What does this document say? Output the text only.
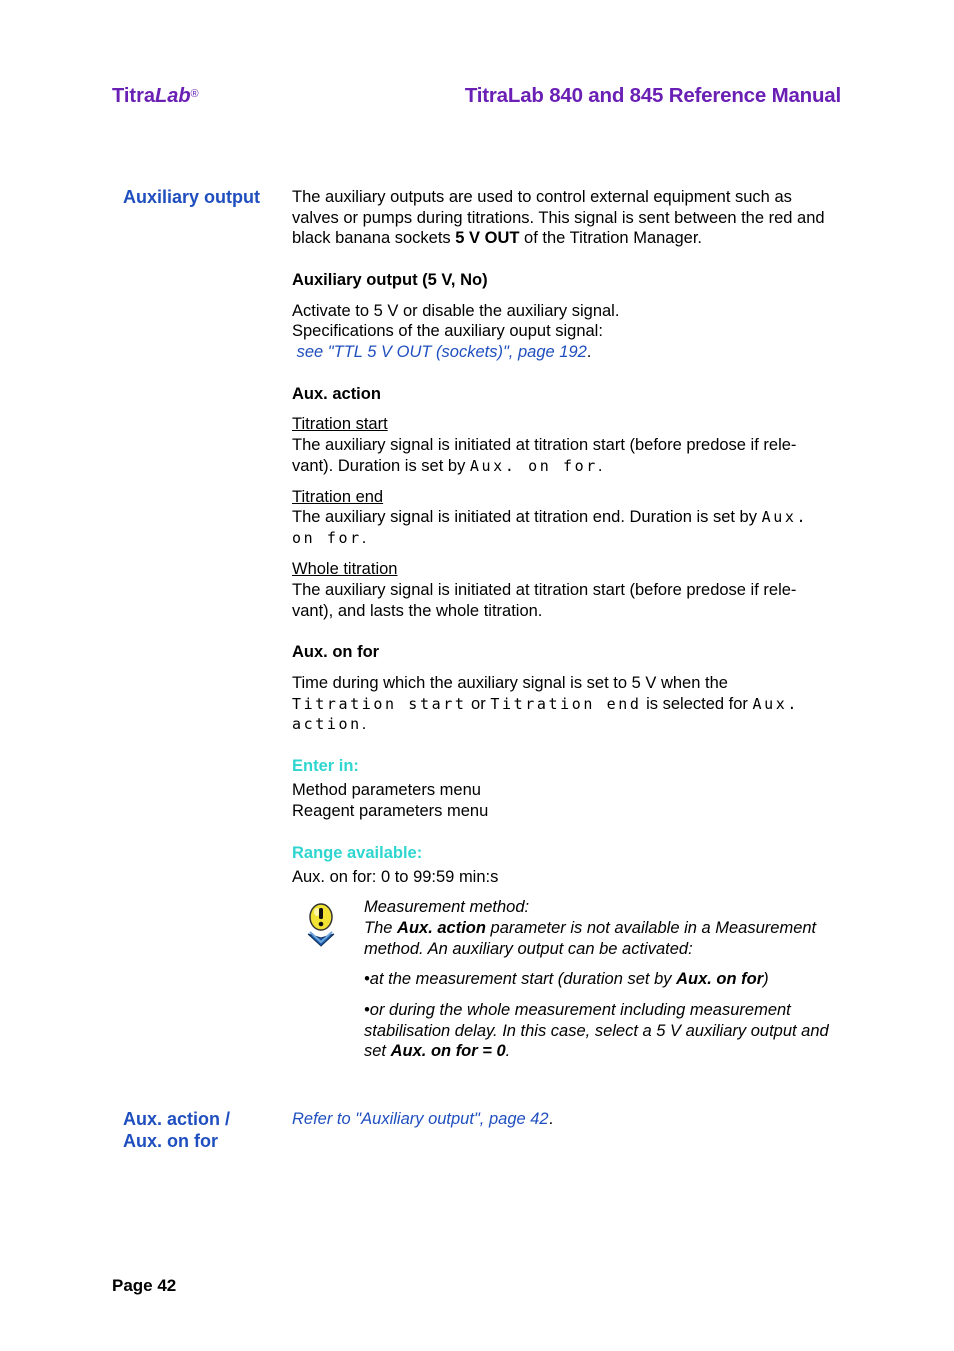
TitraLab®	TitraLab 840 and 845 Reference Manual
Auxiliary output The auxiliary outputs are used to control external equipment such as valves or pumps during titrations. This signal is sent between the red and black banana sockets 5 V OUT of the Titration Manager.

Auxiliary output (5 V, No)
Activate to 5 V or disable the auxiliary signal.
Specifications of the auxiliary ouput signal:
see "TTL 5 V OUT (sockets)", page 192.
Aux. action
Titration start

The auxiliary signal is initiated at titration start (before predose if rele-vant). Duration is set by Aux. on for.

Titration end

The auxiliary signal is initiated at titration end. Duration is set by Aux. on for.

Whole titration

The auxiliary signal is initiated at titration start (before predose if rele-vant), and lasts the whole titration.

Aux. on for

Time during which the auxiliary signal is set to 5 V when the Titration start or Titration end is selected for Aux. action.

Enter in:
Method parameters menu
Reagent parameters menu
Range available:
Aux. on for: 0 to 99:59 min:s
Measurement method:

The Aux. action parameter is not available in a Measurement method. An auxiliary output can be activated:

•at the measurement start (duration set by Aux. on for)

•or during the whole measurement including measurement stabilisation delay. In this case, select a 5 V auxiliary output and set Aux. on for = 0.

Aux. action /
Aux. on for
Refer to "Auxiliary output", page 42.
Page 42
